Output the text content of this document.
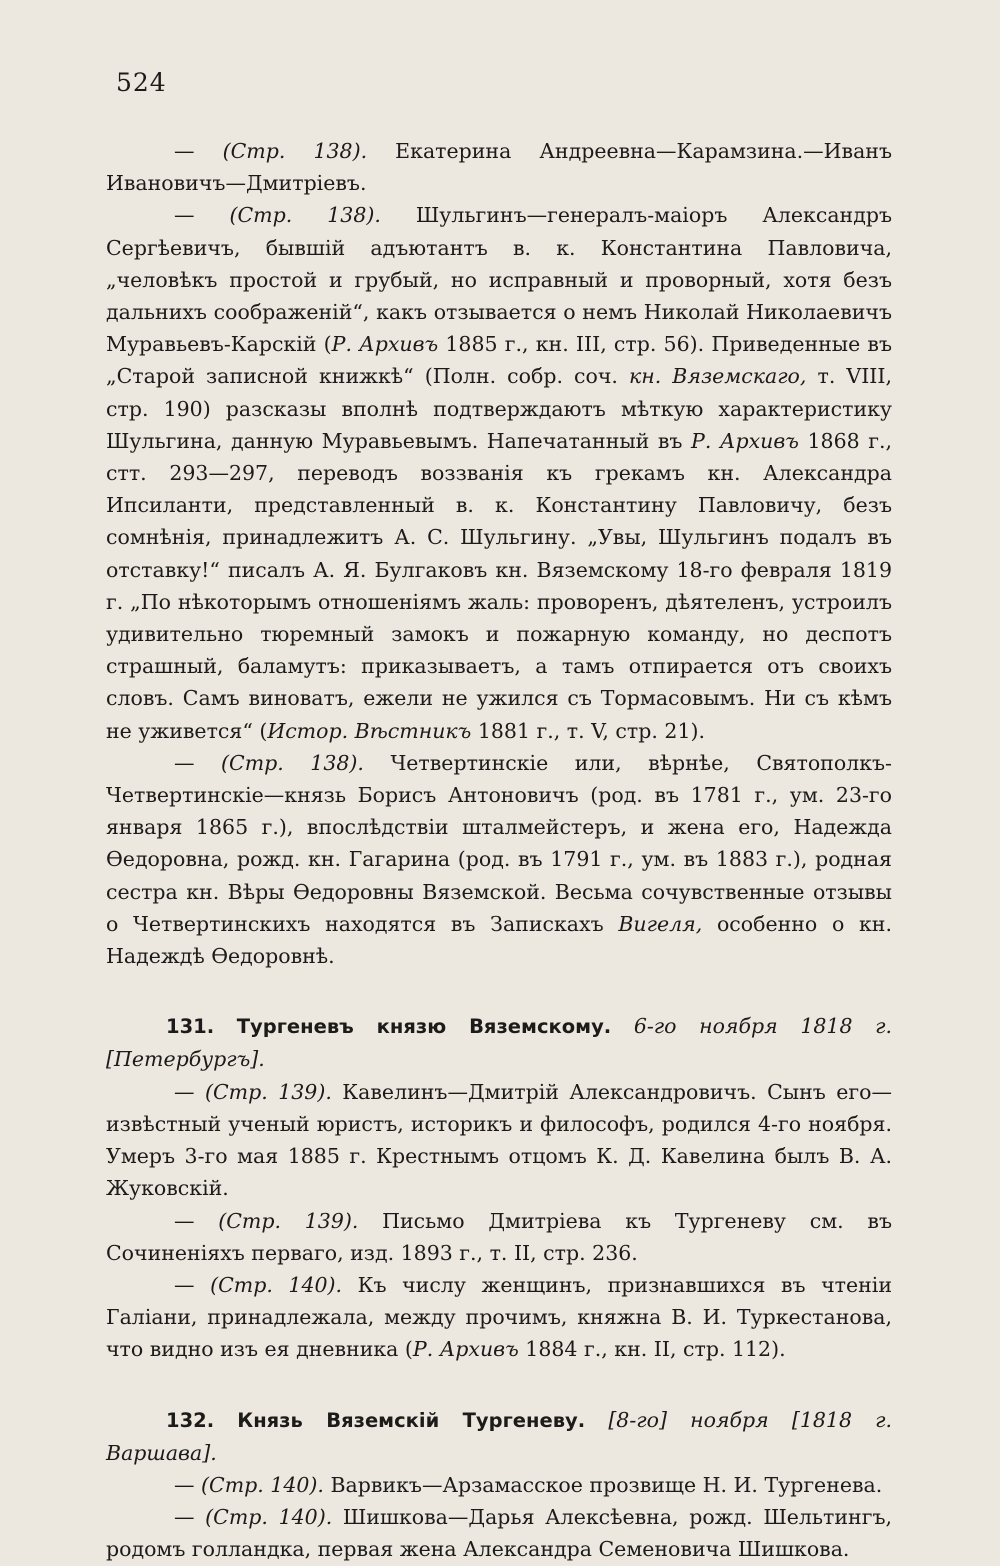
524

— (Стр. 138). Екатерина Андреевна—Карамзина.—Иванъ Ивановичъ—Дмитріевъ.

— (Стр. 138). Шульгинъ—генералъ-маіоръ Александръ Сергѣевичъ, бывшій адъютантъ в. к. Константина Павловича, „человѣкъ простой и грубый, но исправный и проворный, хотя безъ дальнихъ соображеній“, какъ отзывается о немъ Николай Николаевичъ Муравьевъ-Карскій (Р. Архивъ 1885 г., кн. III, стр. 56). Приведенные въ „Старой записной книжкѣ“ (Полн. собр. соч. кн. Вяземскаго, т. VIII, стр. 190) разсказы вполнѣ подтверждаютъ мѣткую характеристику Шульгина, данную Муравьевымъ. Напечатанный въ Р. Архивъ 1868 г., стт. 293—297, переводъ воззванія къ грекамъ кн. Александра Ипсиланти, представленный в. к. Константину Павловичу, безъ сомнѣнія, принадлежитъ А. С. Шульгину. „Увы, Шульгинъ подалъ въ отставку!“ писалъ А. Я. Булгаковъ кн. Вяземскому 18-го февраля 1819 г. „По нѣкоторымъ отношеніямъ жаль: проворенъ, дѣятеленъ, устроилъ удивительно тюремный замокъ и пожарную команду, но деспотъ страшный, баламутъ: приказываетъ, а тамъ отпирается отъ своихъ словъ. Самъ виноватъ, ежели не ужился съ Тормасовымъ. Ни съ кѣмъ не уживется“ (Истор. Вѣстникъ 1881 г., т. V, стр. 21).

— (Стр. 138). Четвертинскіе или, вѣрнѣе, Святополкъ-Четвертинскіе—князь Борисъ Антоновичъ (род. въ 1781 г., ум. 23-го января 1865 г.), впослѣдствіи шталмейстеръ, и жена его, Надежда Ѳедоровна, рожд. кн. Гагарина (род. въ 1791 г., ум. въ 1883 г.), родная сестра кн. Вѣры Ѳедоровны Вяземской. Весьма сочувственные отзывы о Четвертинскихъ находятся въ Запискахъ Вигеля, особенно о кн. Надеждѣ Ѳедоровнѣ.

131. Тургеневъ князю Вяземскому. 6-го ноября 1818 г. [Петербургъ].

— (Стр. 139). Кавелинъ—Дмитрій Александровичъ. Сынъ его—извѣстный ученый юристъ, историкъ и философъ, родился 4-го ноября. Умеръ 3-го мая 1885 г. Крестнымъ отцомъ К. Д. Кавелина былъ В. А. Жуковскій.

— (Стр. 139). Письмо Дмитріева къ Тургеневу см. въ Сочиненіяхъ перваго, изд. 1893 г., т. II, стр. 236.

— (Стр. 140). Къ числу женщинъ, признавшихся въ чтеніи Галіани, принадлежала, между прочимъ, княжна В. И. Туркестанова, что видно изъ ея дневника (Р. Архивъ 1884 г., кн. II, стр. 112).

132. Князь Вяземскій Тургеневу. [8-го] ноября [1818 г. Варшава].

— (Стр. 140). Варвикъ—Арзамасское прозвище Н. И. Тургенева.

— (Стр. 140). Шишкова—Дарья Алексѣевна, рожд. Шельтингъ, родомъ голландка, первая жена Александра Семеновича Шишкова.
